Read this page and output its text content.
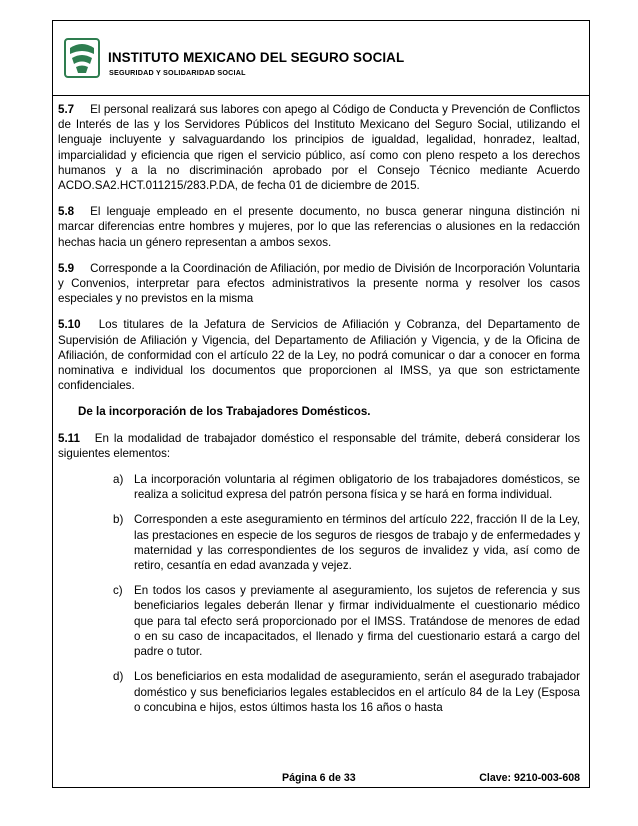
INSTITUTO MEXICANO DEL SEGURO SOCIAL
SEGURIDAD Y SOLIDARIDAD SOCIAL

5.7 El personal realizará sus labores con apego al Código de Conducta y Prevención de Conflictos de Interés de las y los Servidores Públicos del Instituto Mexicano del Seguro Social, utilizando el lenguaje incluyente y salvaguardando los principios de igualdad, legalidad, honradez, lealtad, imparcialidad y eficiencia que rigen el servicio público, así como con pleno respeto a los derechos humanos y a la no discriminación aprobado por el Consejo Técnico mediante Acuerdo ACDO.SA2.HCT.011215/283.P.DA, de fecha 01 de diciembre de 2015.

5.8 El lenguaje empleado en el presente documento, no busca generar ninguna distinción ni marcar diferencias entre hombres y mujeres, por lo que las referencias o alusiones en la redacción hechas hacia un género representan a ambos sexos.

5.9 Corresponde a la Coordinación de Afiliación, por medio de División de Incorporación Voluntaria y Convenios, interpretar para efectos administrativos la presente norma y resolver los casos especiales y no previstos en la misma

5.10 Los titulares de la Jefatura de Servicios de Afiliación y Cobranza, del Departamento de Supervisión de Afiliación y Vigencia, del Departamento de Afiliación y Vigencia, y de la Oficina de Afiliación, de conformidad con el artículo 22 de la Ley, no podrá comunicar o dar a conocer en forma nominativa e individual los documentos que proporcionen al IMSS, ya que son estrictamente confidenciales.

De la incorporación de los Trabajadores Domésticos.

5.11 En la modalidad de trabajador doméstico el responsable del trámite, deberá considerar los siguientes elementos:

a) La incorporación voluntaria al régimen obligatorio de los trabajadores domésticos, se realiza a solicitud expresa del patrón persona física y se hará en forma individual.
b) Corresponden a este aseguramiento en términos del artículo 222, fracción II de la Ley, las prestaciones en especie de los seguros de riesgos de trabajo y de enfermedades y maternidad y las correspondientes de los seguros de invalidez y vida, así como de retiro, cesantía en edad avanzada y vejez.
c) En todos los casos y previamente al aseguramiento, los sujetos de referencia y sus beneficiarios legales deberán llenar y firmar individualmente el cuestionario médico que para tal efecto será proporcionado por el IMSS. Tratándose de menores de edad o en su caso de incapacitados, el llenado y firma del cuestionario estará a cargo del padre o tutor.
d) Los beneficiarios en esta modalidad de aseguramiento, serán el asegurado trabajador doméstico y sus beneficiarios legales establecidos en el artículo 84 de la Ley (Esposa o concubina e hijos, estos últimos hasta los 16 años o hasta
Página 6 de 33	Clave: 9210-003-608
